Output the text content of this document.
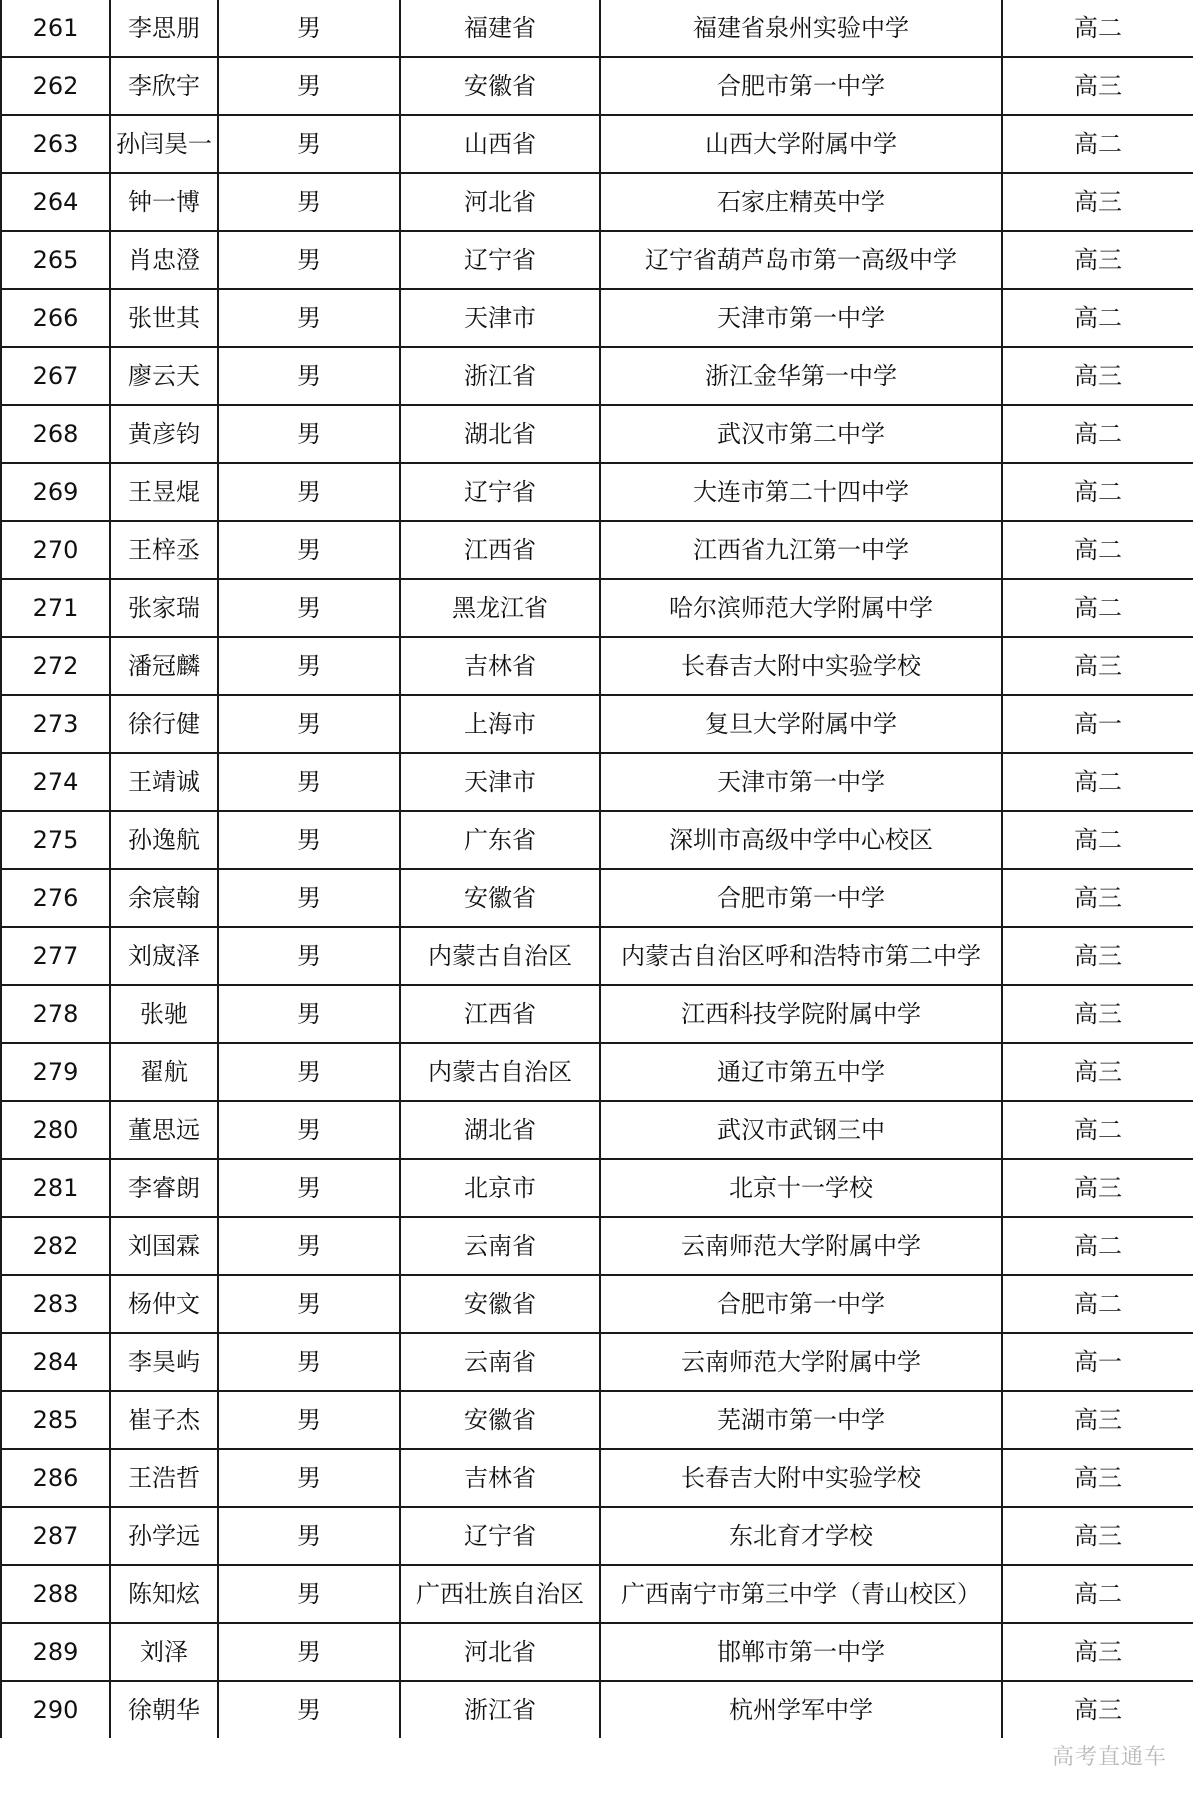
261	李思朋	男	福建省	福建省泉州实验中学	高二
262	李欣宇	男	安徽省	合肥市第一中学	高三
263	孙闫昊一	男	山西省	山西大学附属中学	高二
264	钟一博	男	河北省	石家庄精英中学	高三
265	肖忠澄	男	辽宁省	辽宁省葫芦岛市第一高级中学	高三
266	张世其	男	天津市	天津市第一中学	高二
267	廖云天	男	浙江省	浙江金华第一中学	高三
268	黄彦钧	男	湖北省	武汉市第二中学	高二
269	王昱焜	男	辽宁省	大连市第二十四中学	高二
270	王梓丞	男	江西省	江西省九江第一中学	高二
271	张家瑞	男	黑龙江省	哈尔滨师范大学附属中学	高二
272	潘冠麟	男	吉林省	长春吉大附中实验学校	高三
273	徐行健	男	上海市	复旦大学附属中学	高一
274	王靖诚	男	天津市	天津市第一中学	高二
275	孙逸航	男	广东省	深圳市高级中学中心校区	高二
276	余宸翰	男	安徽省	合肥市第一中学	高三
277	刘宬泽	男	内蒙古自治区	内蒙古自治区呼和浩特市第二中学	高三
278	张驰	男	江西省	江西科技学院附属中学	高三
279	翟航	男	内蒙古自治区	通辽市第五中学	高三
280	董思远	男	湖北省	武汉市武钢三中	高二
281	李睿朗	男	北京市	北京十一学校	高三
282	刘国霖	男	云南省	云南师范大学附属中学	高二
283	杨仲文	男	安徽省	合肥市第一中学	高二
284	李昊屿	男	云南省	云南师范大学附属中学	高一
285	崔子杰	男	安徽省	芜湖市第一中学	高三
286	王浩哲	男	吉林省	长春吉大附中实验学校	高三
287	孙学远	男	辽宁省	东北育才学校	高三
288	陈知炫	男	广西壮族自治区	广西南宁市第三中学（青山校区）	高二
289	刘泽	男	河北省	邯郸市第一中学	高三
290	徐朝华	男	浙江省	杭州学军中学	高三
高考直通车
